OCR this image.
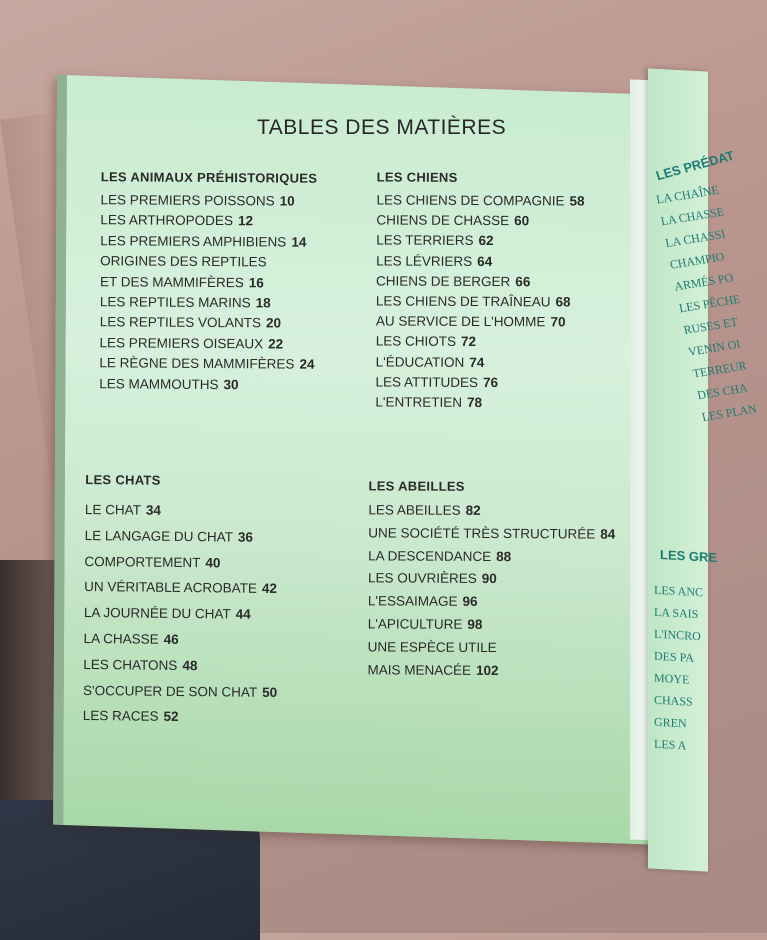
LES PRÉDAT
LA CHAÎNE
LA CHASSE
LA CHASSI
CHAMPIO
ARMÉS PO
LES PÊCHE
RUSES ET
VENIN OI
TERREUR
DES CHA
LES PLAN
LES GRE
LES ANC
LA SAIS
L'INCRO
DES PA
MOYE
CHASS
GREN
LES A
TABLES DES MATIÈRES
LES ANIMAUX PRÉHISTORIQUES
LES PREMIERS POISSONS 10
LES ARTHROPODES 12
LES PREMIERS AMPHIBIENS 14
ORIGINES DES REPTILES
ET DES MAMMIFÈRES 16
LES REPTILES MARINS 18
LES REPTILES VOLANTS 20
LES PREMIERS OISEAUX 22
LE RÈGNE DES MAMMIFÈRES 24
LES MAMMOUTHS 30
LES CHIENS
LES CHIENS DE COMPAGNIE 58
CHIENS DE CHASSE 60
LES TERRIERS 62
LES LÉVRIERS 64
CHIENS DE BERGER 66
LES CHIENS DE TRAÎNEAU 68
AU SERVICE DE L'HOMME 70
LES CHIOTS 72
L'ÉDUCATION 74
LES ATTITUDES 76
L'ENTRETIEN 78
LES CHATS
LE CHAT 34
LE LANGAGE DU CHAT 36
COMPORTEMENT 40
UN VÉRITABLE ACROBATE 42
LA JOURNÉE DU CHAT 44
LA CHASSE 46
LES CHATONS 48
S'OCCUPER DE SON CHAT 50
LES RACES 52
LES ABEILLES
LES ABEILLES 82
UNE SOCIÉTÉ TRÈS STRUCTURÉE 84
LA DESCENDANCE 88
LES OUVRIÈRES 90
L'ESSAIMAGE 96
L'APICULTURE 98
UNE ESPÈCE UTILE
MAIS MENACÉE 102
